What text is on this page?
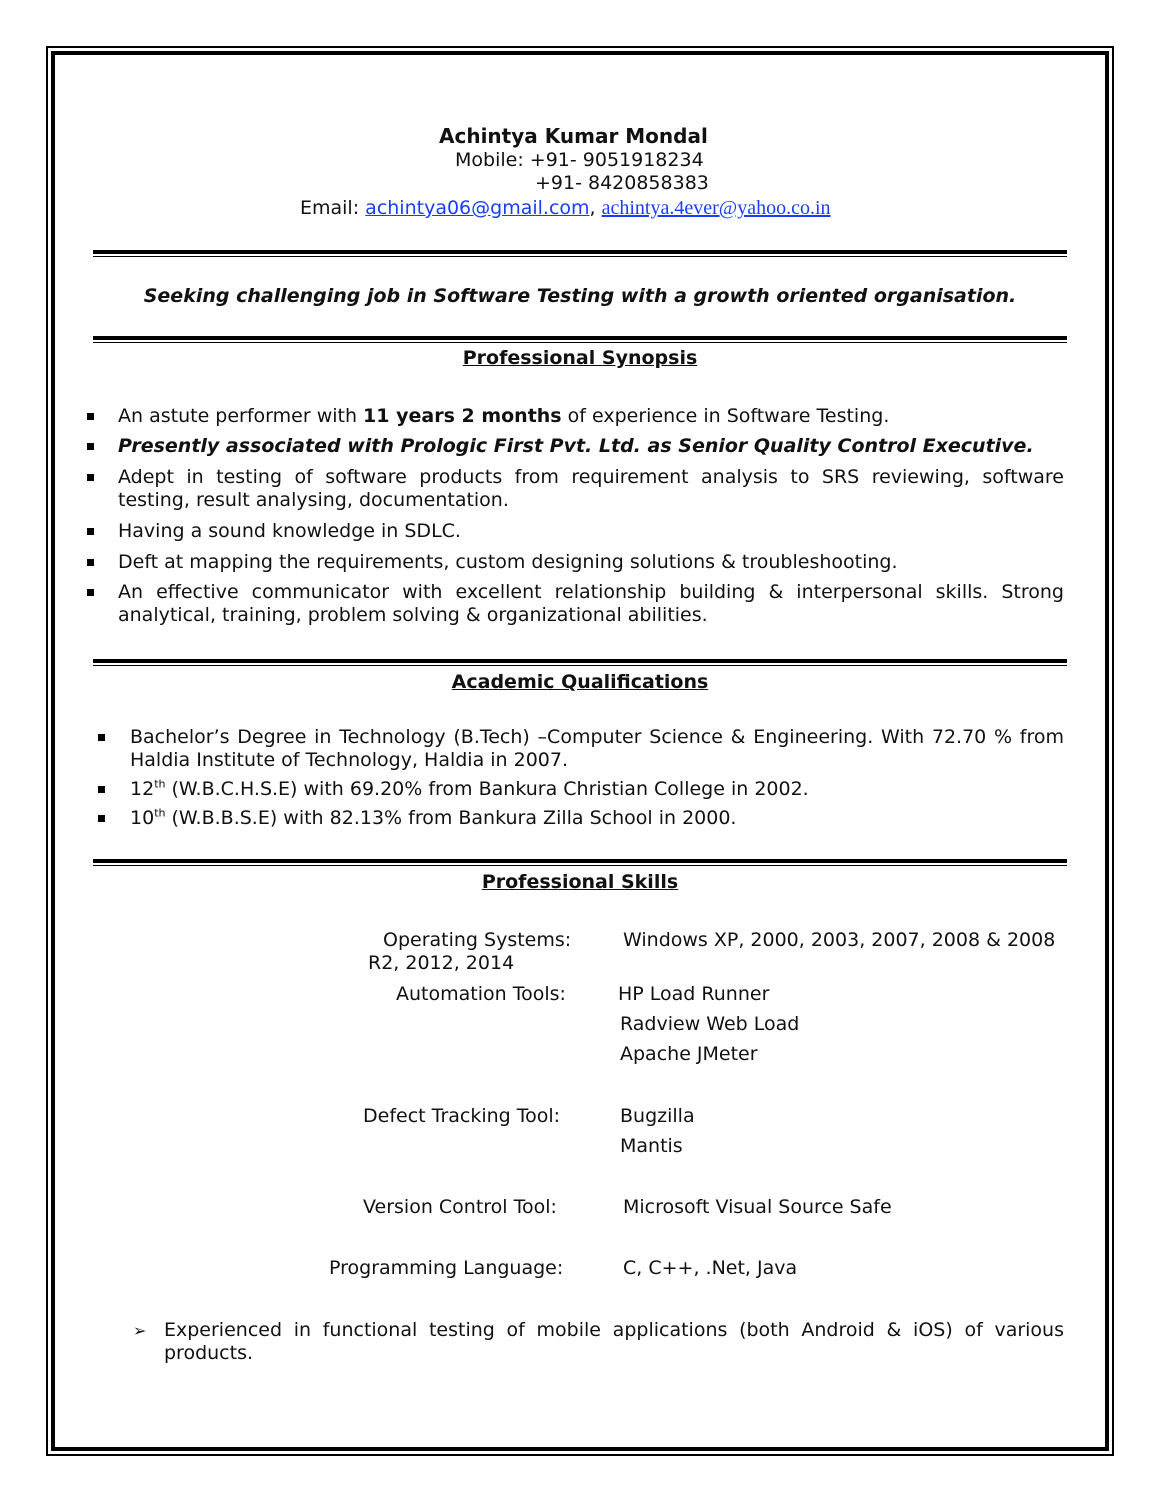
Achintya Kumar Mondal
Mobile: +91- 9051918234
+91- 8420858383
Email: achintya06@gmail.com, achintya.4ever@yahoo.co.in
Seeking challenging job in Software Testing with a growth oriented organisation.
Professional Synopsis
An astute performer with 11 years 2 months of experience in Software Testing.
Presently associated with Prologic First Pvt. Ltd. as Senior Quality Control Executive.
Adept in testing of software products from requirement analysis to SRS reviewing, software
testing, result analysing, documentation.
Having a sound knowledge in SDLC.
Deft at mapping the requirements, custom designing solutions & troubleshooting.
An effective communicator with excellent relationship building & interpersonal skills. Strong
analytical, training, problem solving & organizational abilities.
Academic Qualifications
Bachelor’s Degree in Technology (B.Tech) –Computer Science & Engineering. With 72.70 % from
Haldia Institute of Technology, Haldia in 2007.
12th (W.B.C.H.S.E) with 69.20% from Bankura Christian College in 2002.
10th (W.B.B.S.E) with 82.13% from Bankura Zilla School in 2000.
Professional Skills
Operating Systems:	Windows XP, 2000, 2003, 2007, 2008 & 2008
R2, 2012, 2014
Automation Tools:	HP Load Runner
Radview Web Load
Apache JMeter
Defect Tracking Tool:	Bugzilla
Mantis
Version Control Tool:	Microsoft Visual Source Safe
Programming Language:	C, C++, .Net, Java
➢ Experienced in functional testing of mobile applications (both Android & iOS) of various
products.
